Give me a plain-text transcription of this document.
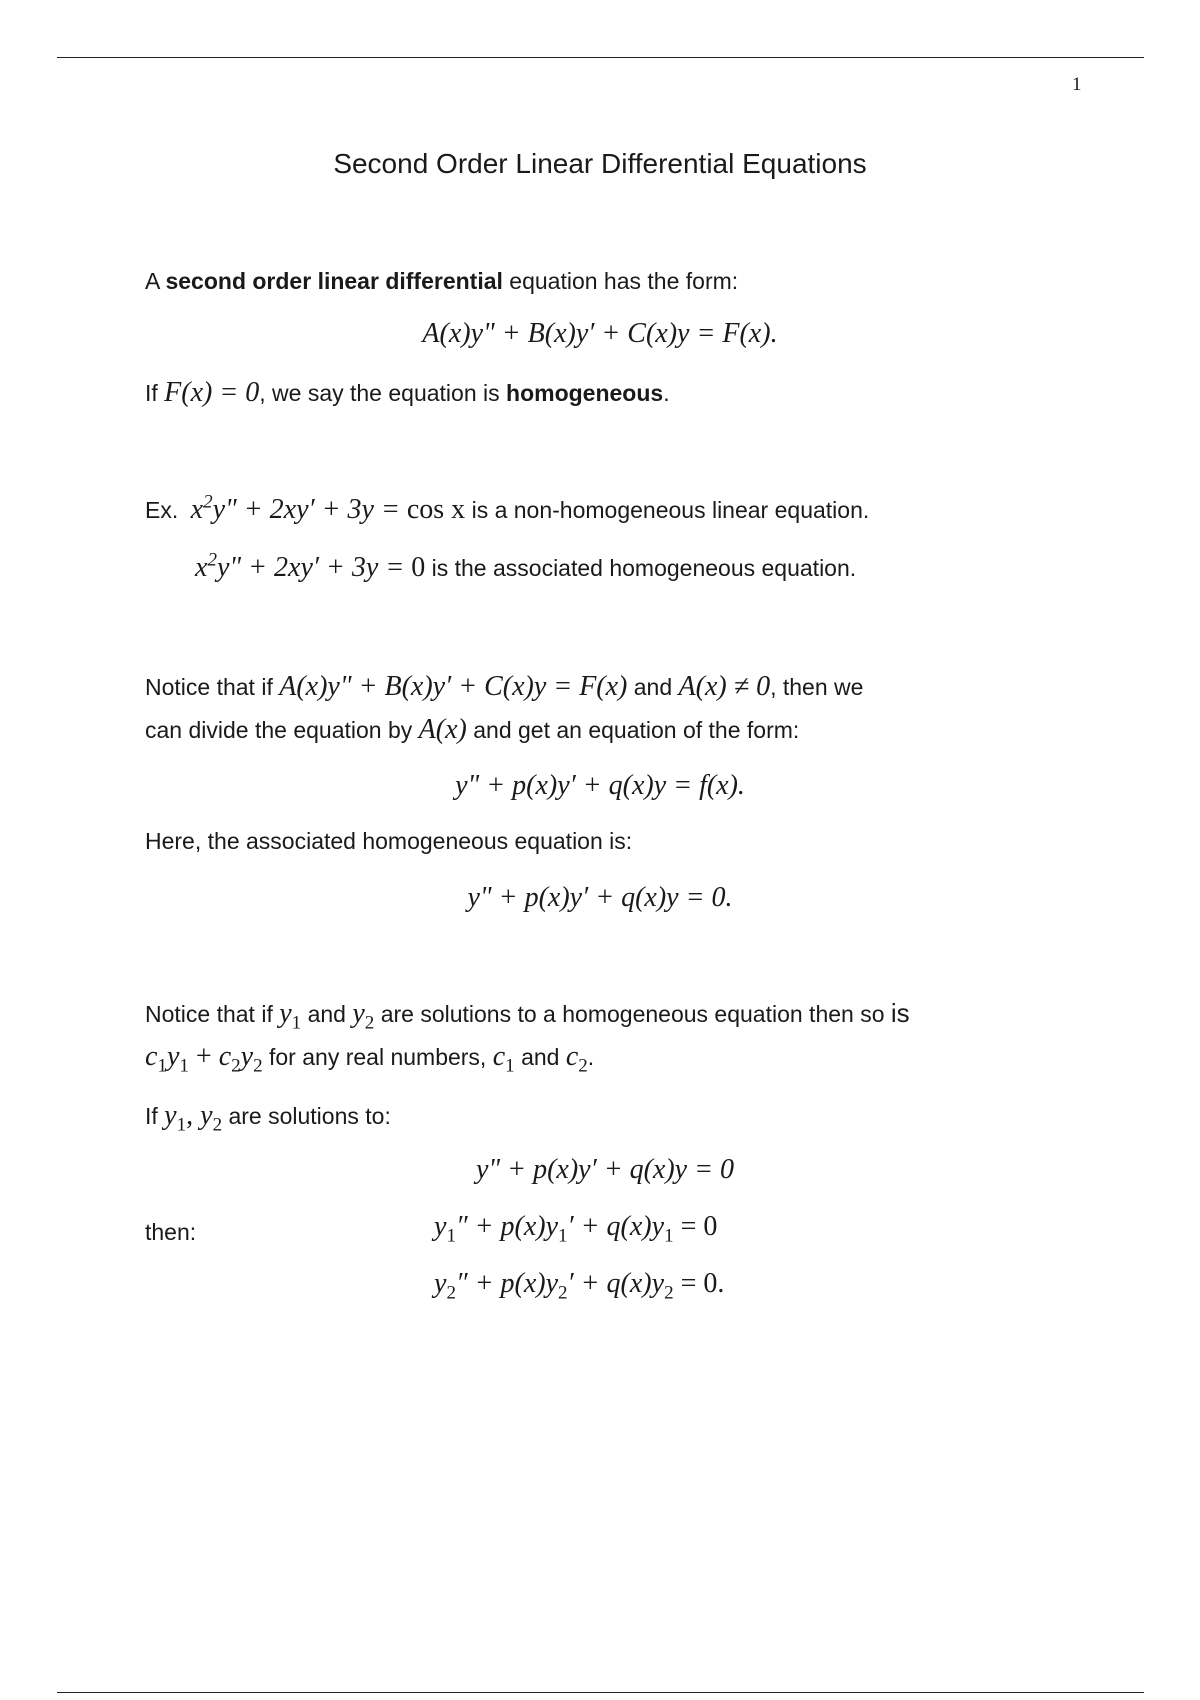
1
Second Order Linear Differential Equations
A second order linear differential equation has the form:
A(x)y" + B(x)y′ + C(x)y = F(x).
If F(x) = 0, we say the equation is homogeneous.
Ex. $x^2y$" + 2xy′ + 3y = cos x is a non-homogeneous linear equation.
$x^2y$" + 2xy′ + 3y = 0 is the associated homogeneous equation.
Notice that if A(x)y" + B(x)y′ + C(x)y = F(x) and A(x) ≠ 0, then we
can divide the equation by A(x) and get an equation of the form:
y" + p(x)y′ + q(x)y = f(x).
Here, the associated homogeneous equation is:
y" + p(x)y′ + q(x)y = 0.
Notice that if $y_1$ and $y_2$ are solutions to a homogeneous equation then so is
$c_1y_1 + c_2y_2$ for any real numbers, $c_1$ and $c_2$.
If $y_1$, $y_2$ are solutions to:
y" + p(x)y′ + q(x)y = 0
then:	$y_1'' + p(x)y_1' + q(x)y_1 = 0$
$y_2'' + p(x)y_2' + q(x)y_2 = 0$.
